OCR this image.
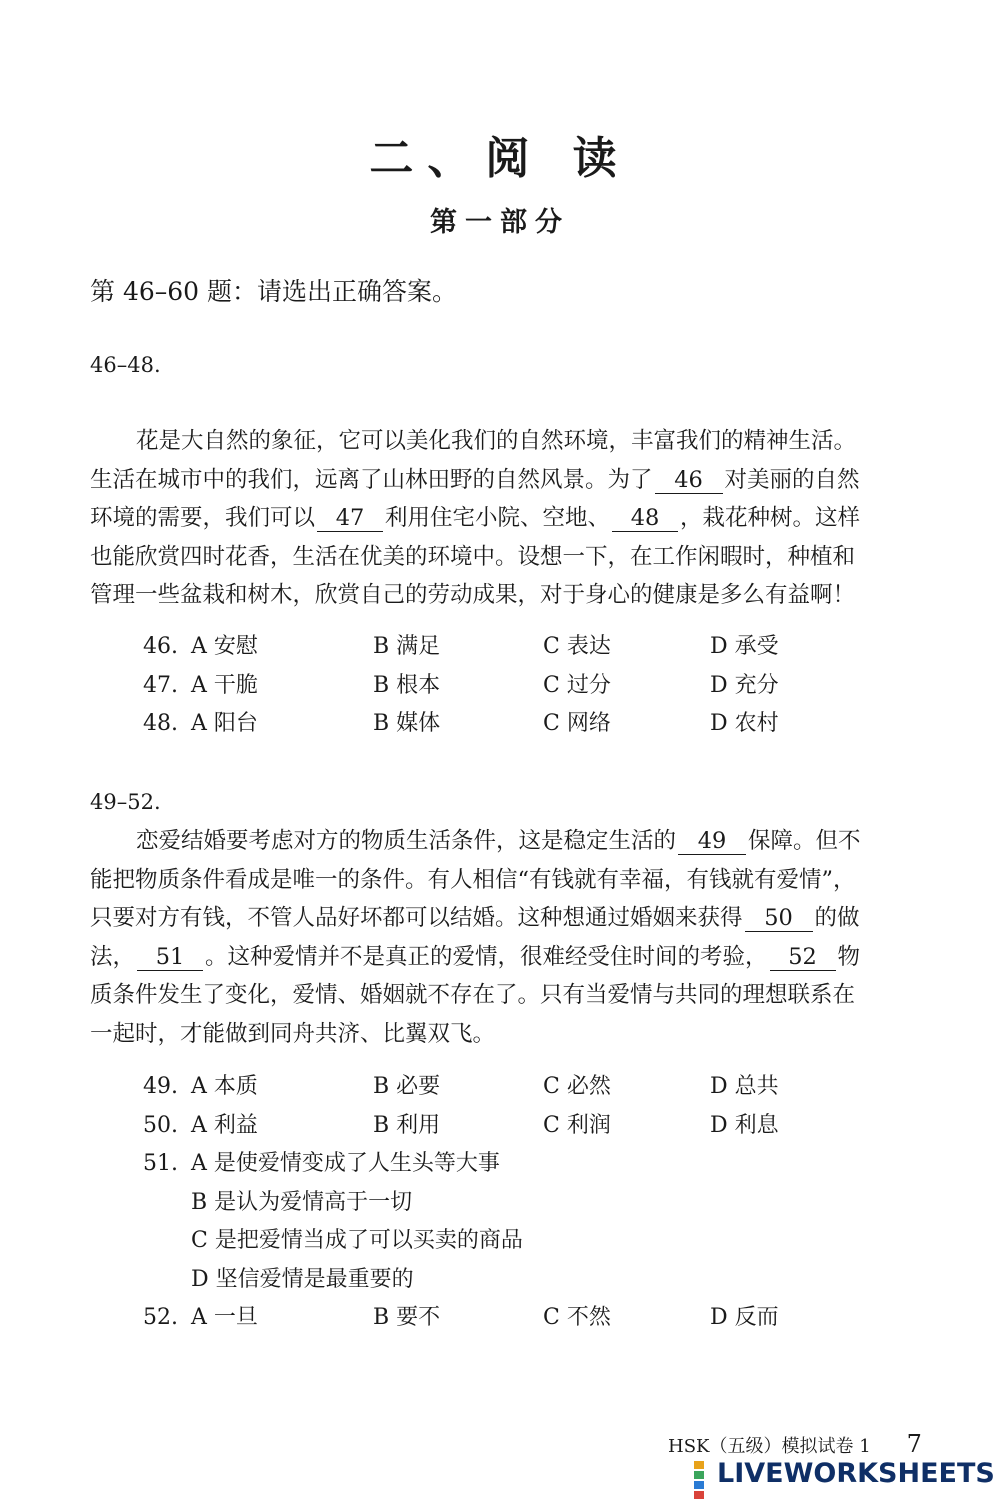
二、阅 读
第一部分
第 46–60 题：请选出正确答案。
46–48.
花是大自然的象征，它可以美化我们的自然环境，丰富我们的精神生活。
生活在城市中的我们，远离了山林田野的自然风景。为了 46 对美丽的自然
环境的需要，我们可以 47 利用住宅小院、空地、 48 ，栽花种树。这样
也能欣赏四时花香，生活在优美的环境中。设想一下，在工作闲暇时，种植和
管理一些盆栽和树木，欣赏自己的劳动成果，对于身心的健康是多么有益啊！
46. A 安慰	B 满足	C 表达	D 承受
47. A 干脆	B 根本	C 过分	D 充分
48. A 阳台	B 媒体	C 网络	D 农村
49–52.
恋爱结婚要考虑对方的物质生活条件，这是稳定生活的 49 保障。但不
能把物质条件看成是唯一的条件。有人相信“有钱就有幸福，有钱就有爱情”，
只要对方有钱，不管人品好坏都可以结婚。这种想通过婚姻来获得 50 的做
法， 51 。这种爱情并不是真正的爱情，很难经受住时间的考验， 52 物
质条件发生了变化，爱情、婚姻就不存在了。只有当爱情与共同的理想联系在
一起时，才能做到同舟共济、比翼双飞。
49. A 本质	B 必要	C 必然	D 总共
50. A 利益	B 利用	C 利润	D 利息
51. A 是使爱情变成了人生头等大事
B 是认为爱情高于一切
C 是把爱情当成了可以买卖的商品
D 坚信爱情是最重要的
52. A 一旦	B 要不	C 不然	D 反而
HSK（五级）模拟试卷 1 7
LIVEWORKSHEETS
